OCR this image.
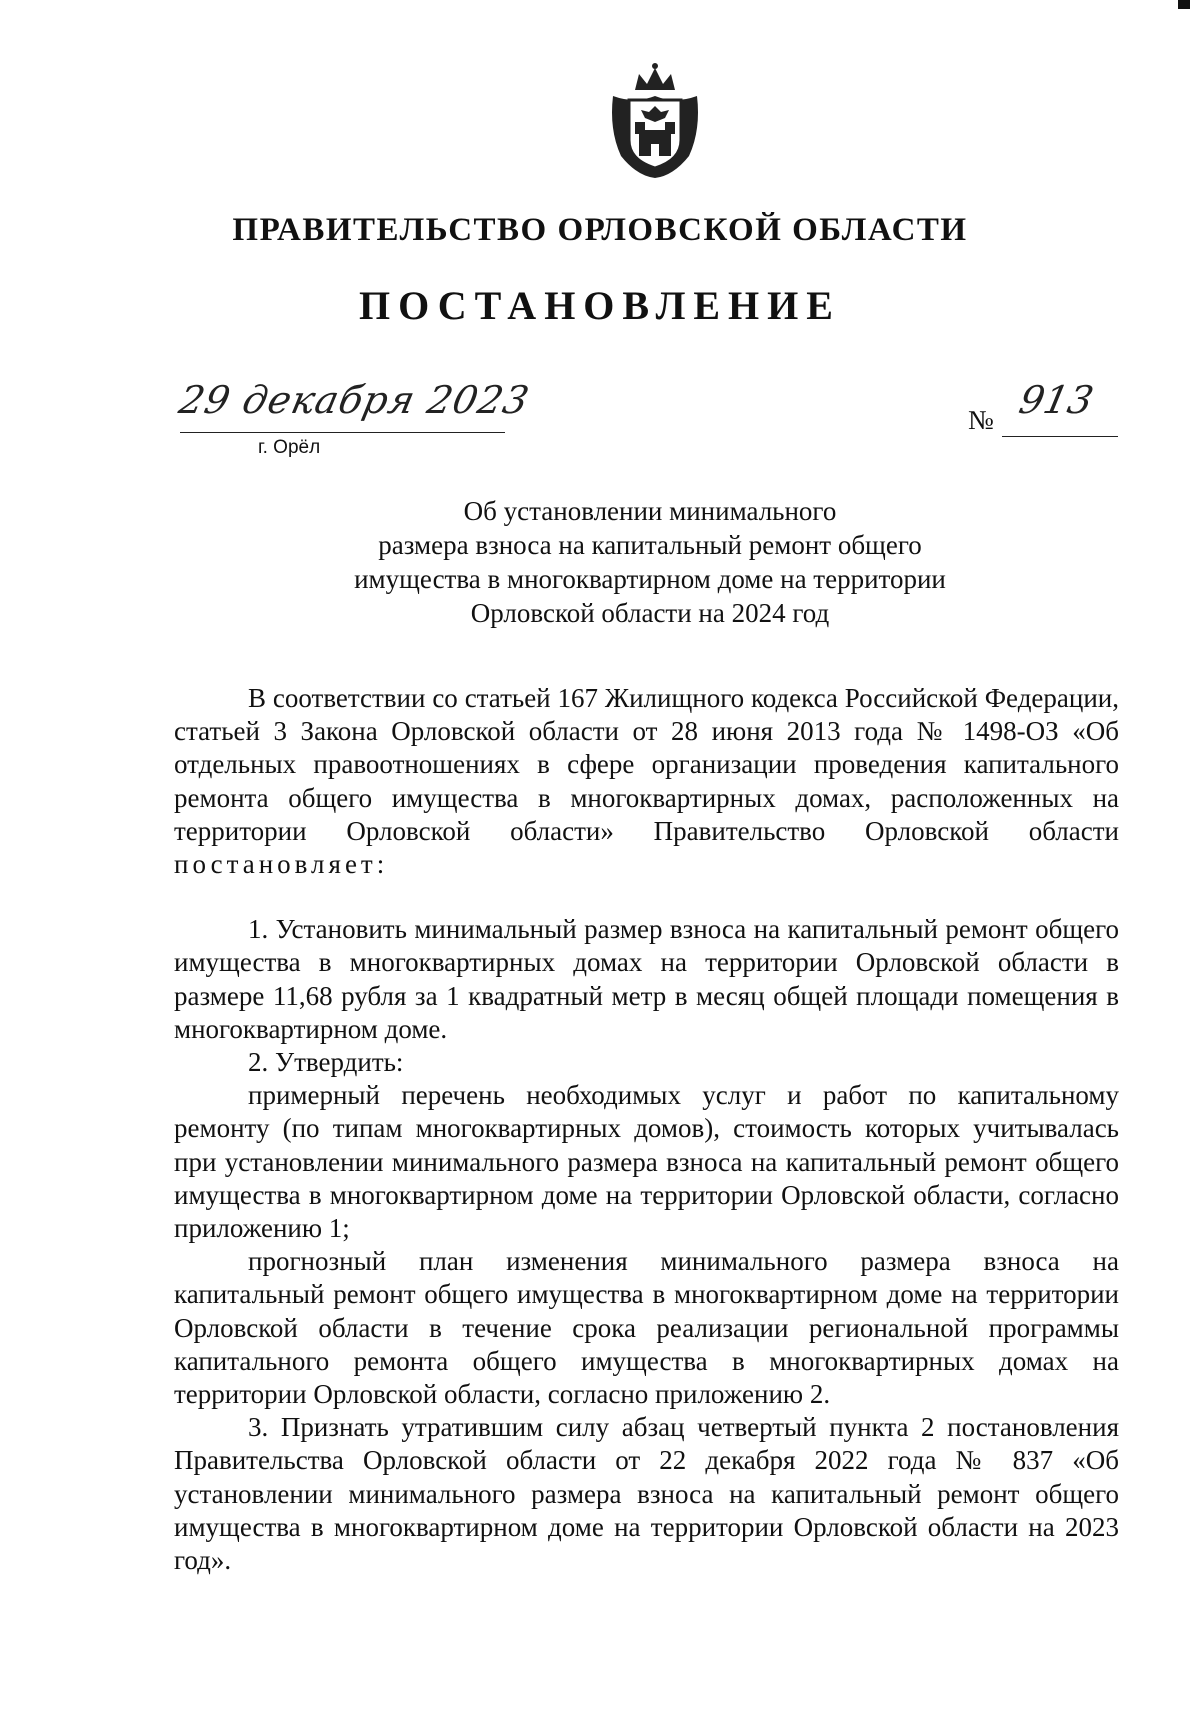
ПРАВИТЕЛЬСТВО ОРЛОВСКОЙ ОБЛАСТИ
ПОСТАНОВЛЕНИЕ
29 декабря 2023
г. Орёл
№ 913
Об установлении минимального
размера взноса на капитальный ремонт общего
имущества в многоквартирном доме на территории
Орловской области на 2024 год

В соответствии со статьей 167 Жилищного кодекса Российской Федерации, статьей 3 Закона Орловской области от 28 июня 2013 года № 1498-ОЗ «Об отдельных правоотношениях в сфере организации проведения капитального ремонта общего имущества в многоквартирных домах, расположенных на территории Орловской области» Правительство Орловской области постановляет:

1. Установить минимальный размер взноса на капитальный ремонт общего имущества в многоквартирных домах на территории Орловской области в размере 11,68 рубля за 1 квадратный метр в месяц общей площади помещения в многоквартирном доме.

2. Утвердить:

примерный перечень необходимых услуг и работ по капитальному ремонту (по типам многоквартирных домов), стоимость которых учитывалась при установлении минимального размера взноса на капитальный ремонт общего имущества в многоквартирном доме на территории Орловской области, согласно приложению 1;

прогнозный план изменения минимального размера взноса на капитальный ремонт общего имущества в многоквартирном доме на территории Орловской области в течение срока реализации региональной программы капитального ремонта общего имущества в многоквартирных домах на территории Орловской области, согласно приложению 2.

3. Признать утратившим силу абзац четвертый пункта 2 постановления Правительства Орловской области от 22 декабря 2022 года № 837 «Об установлении минимального размера взноса на капитальный ремонт общего имущества в многоквартирном доме на территории Орловской области на 2023 год».
